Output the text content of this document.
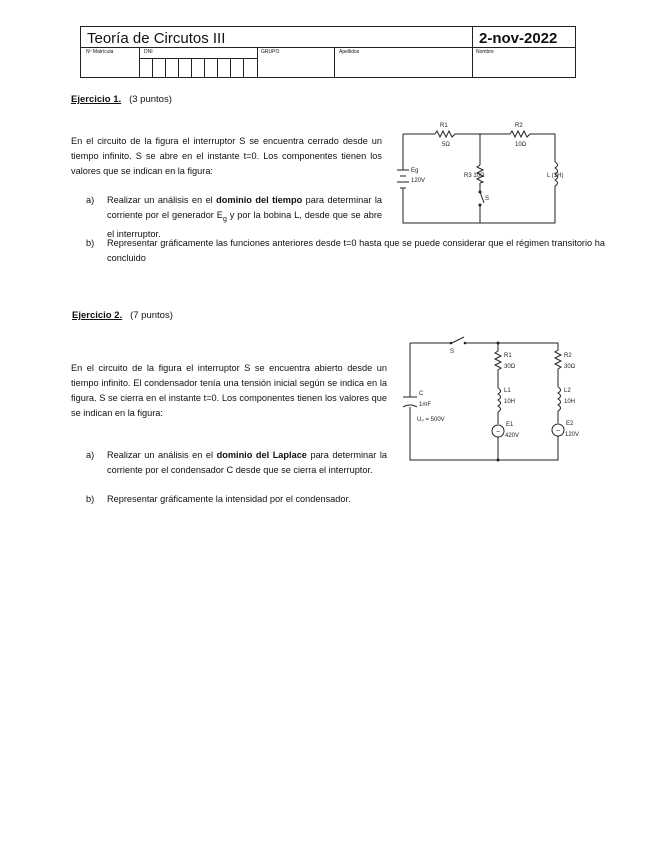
Teoría de Circutos III	2-nov-2022
Nº Matrícula	DNI	GRUPO	Apellidos	Nombre
Ejercicio 1. (3 puntos)
En el circuito de la figura el interruptor S se encuentra cerrado desde un tiempo infinito. S se abre en el instante t=0. Los componentes tienen los valores que se indican en la figura:
a) Realizar un análisis en el dominio del tiempo para determinar la corriente por el generador $E_g$ y por la bobina L, desde que se abre el interruptor.
b) Representar gráficamente las funciones anteriores desde t=0 hasta que se puede considerar que el régimen transitorio ha concluido
R1
5Ω
R2
10Ω
R3 10Ω
S
Eg
120V
L (1H)
Ejercicio 2. (7 puntos)
En el circuito de la figura el interruptor S se encuentra abierto desde un tiempo infinito. El condensador tenía una tensión inicial según se indica en la figura. S se cierra en el instante t=0. Los componentes tienen los valores que se indican en la figura:
a) Realizar un análisis en el dominio del Laplace para determinar la corriente por el condensador C desde que se cierra el interruptor.
b) Representar gráficamente la intensidad por el condensador.
−	−
S
C
1mF
U₀ = 500V
R1
30Ω
L1
10H
E1
420V
R2
30Ω
L2
10H
E2
120V
